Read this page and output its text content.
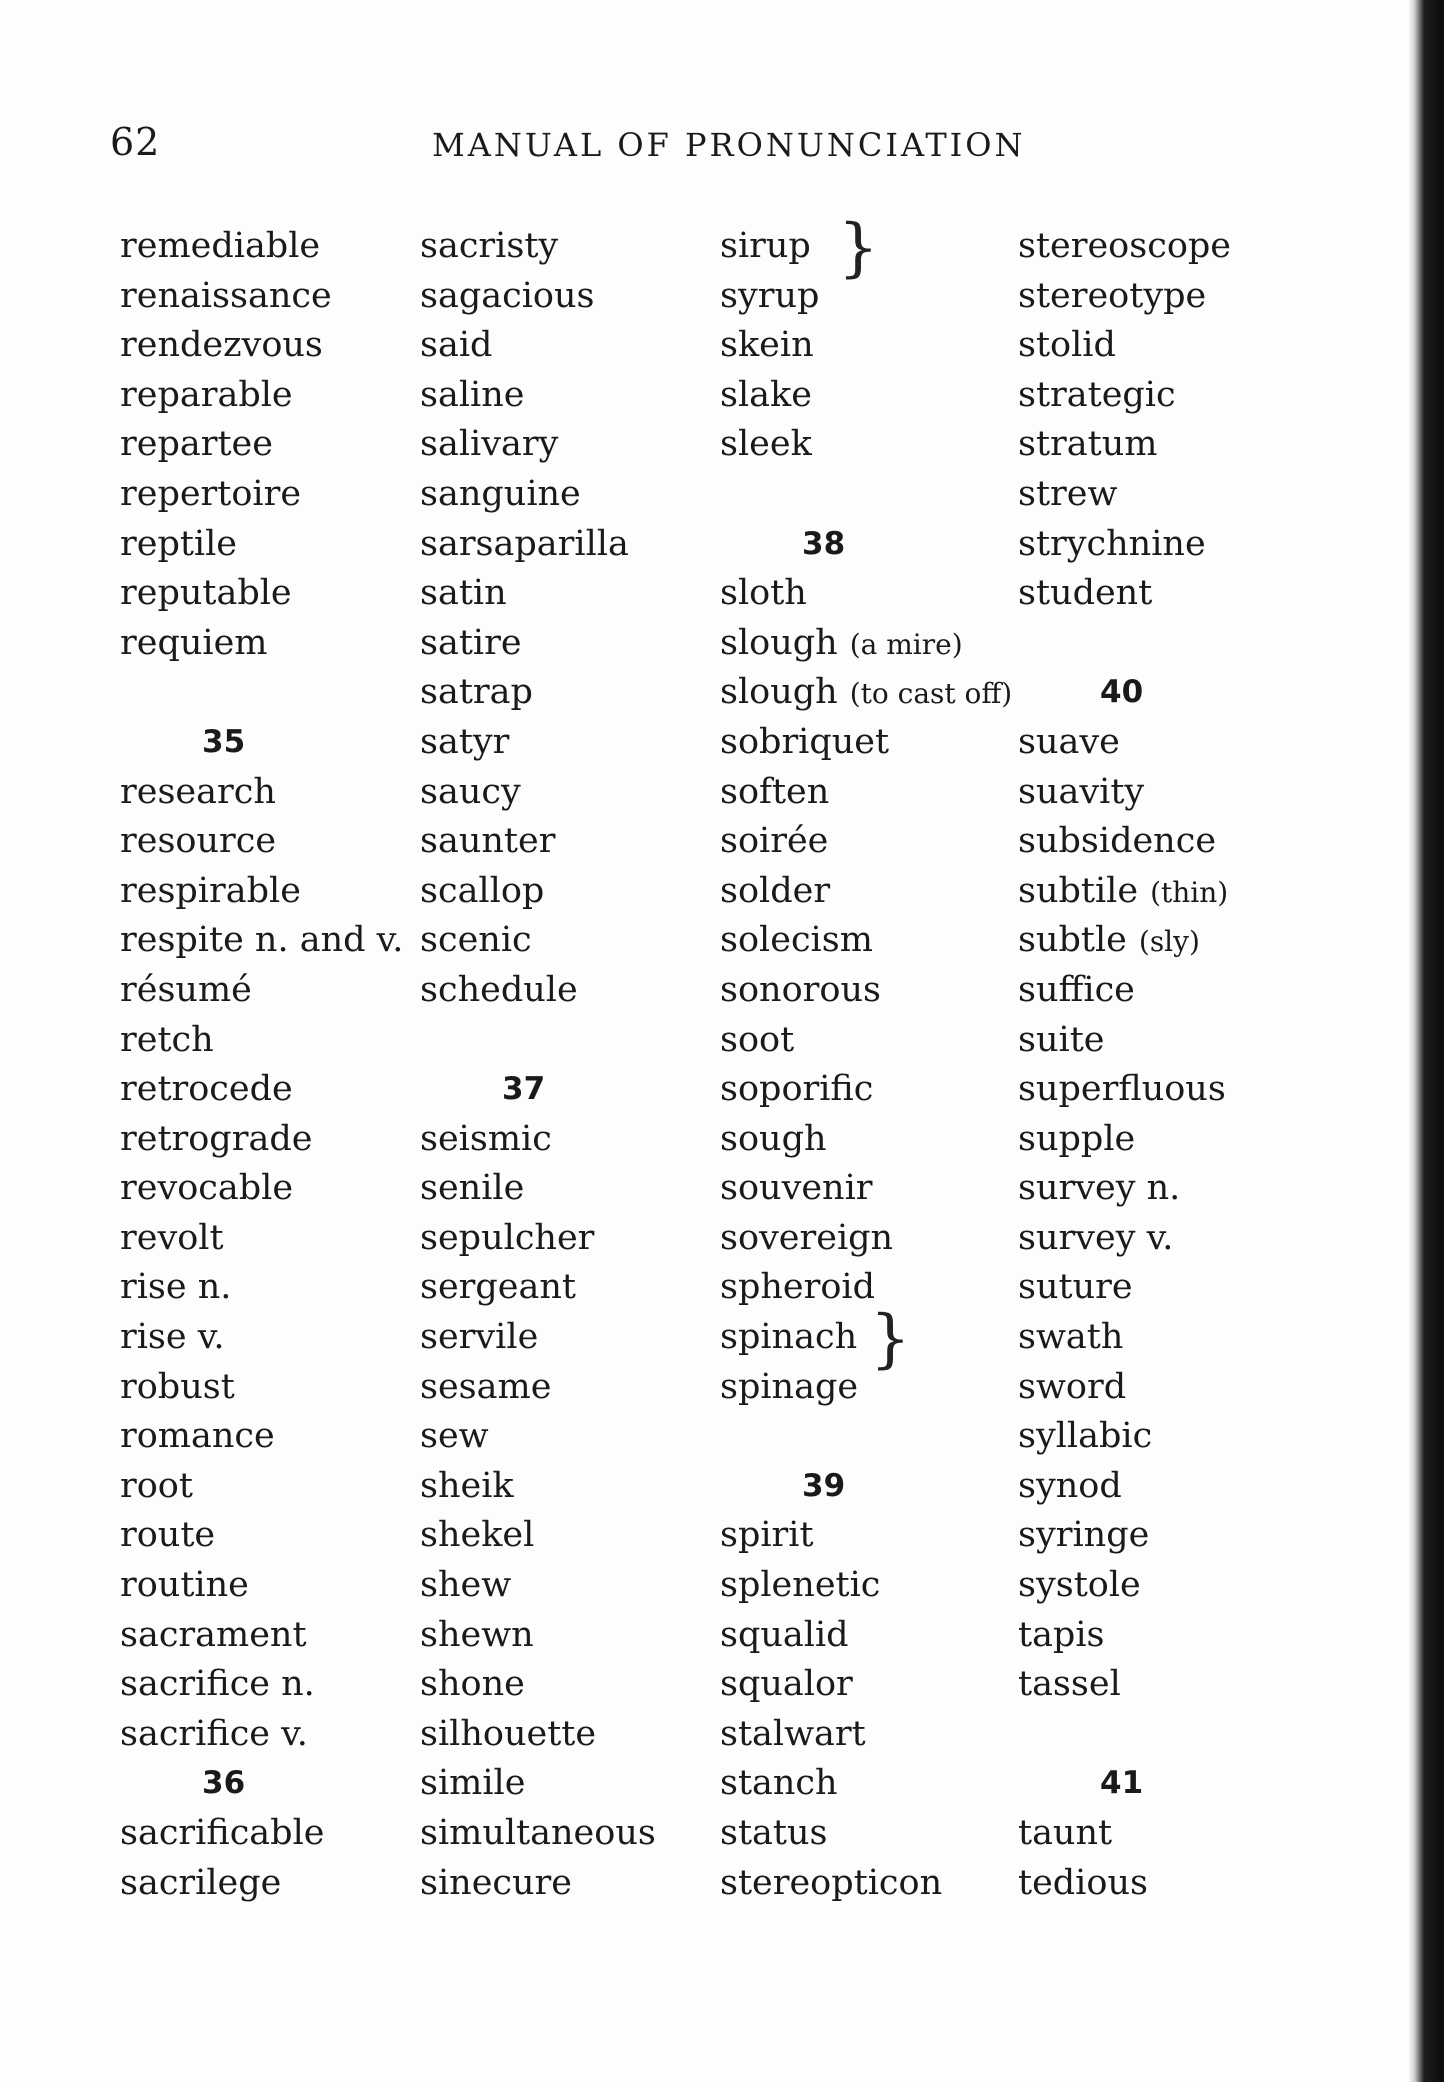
62	MANUAL OF PRONUNCIATION
remediable
renaissance
rendezvous
reparable
repartee
repertoire
reptile
reputable
requiem
35
research
resource
respirable
respite n. and v.
résumé
retch
retrocede
retrograde
revocable
revolt
rise n.
rise v.
robust
romance
root
route
routine
sacrament
sacrifice n.
sacrifice v.
36
sacrificable
sacrilege
sacristy
sagacious
said
saline
salivary
sanguine
sarsaparilla
satin
satire
satrap
satyr
saucy
saunter
scallop
scenic
schedule
37
seismic
senile
sepulcher
sergeant
servile
sesame
sew
sheik
shekel
shew
shewn
shone
silhouette
simile
simultaneous
sinecure
}
}
sirup
syrup
skein
slake
sleek
38
sloth
slough (a mire)
slough (to cast off)
sobriquet
soften
soirée
solder
solecism
sonorous
soot
soporific
sough
souvenir
sovereign
spheroid
spinach
spinage
39
spirit
splenetic
squalid
squalor
stalwart
stanch
status
stereopticon
stereoscope
stereotype
stolid
strategic
stratum
strew
strychnine
student
40
suave
suavity
subsidence
subtile (thin)
subtle (sly)
suffice
suite
superfluous
supple
survey n.
survey v.
suture
swath
sword
syllabic
synod
syringe
systole
tapis
tassel
41
taunt
tedious
